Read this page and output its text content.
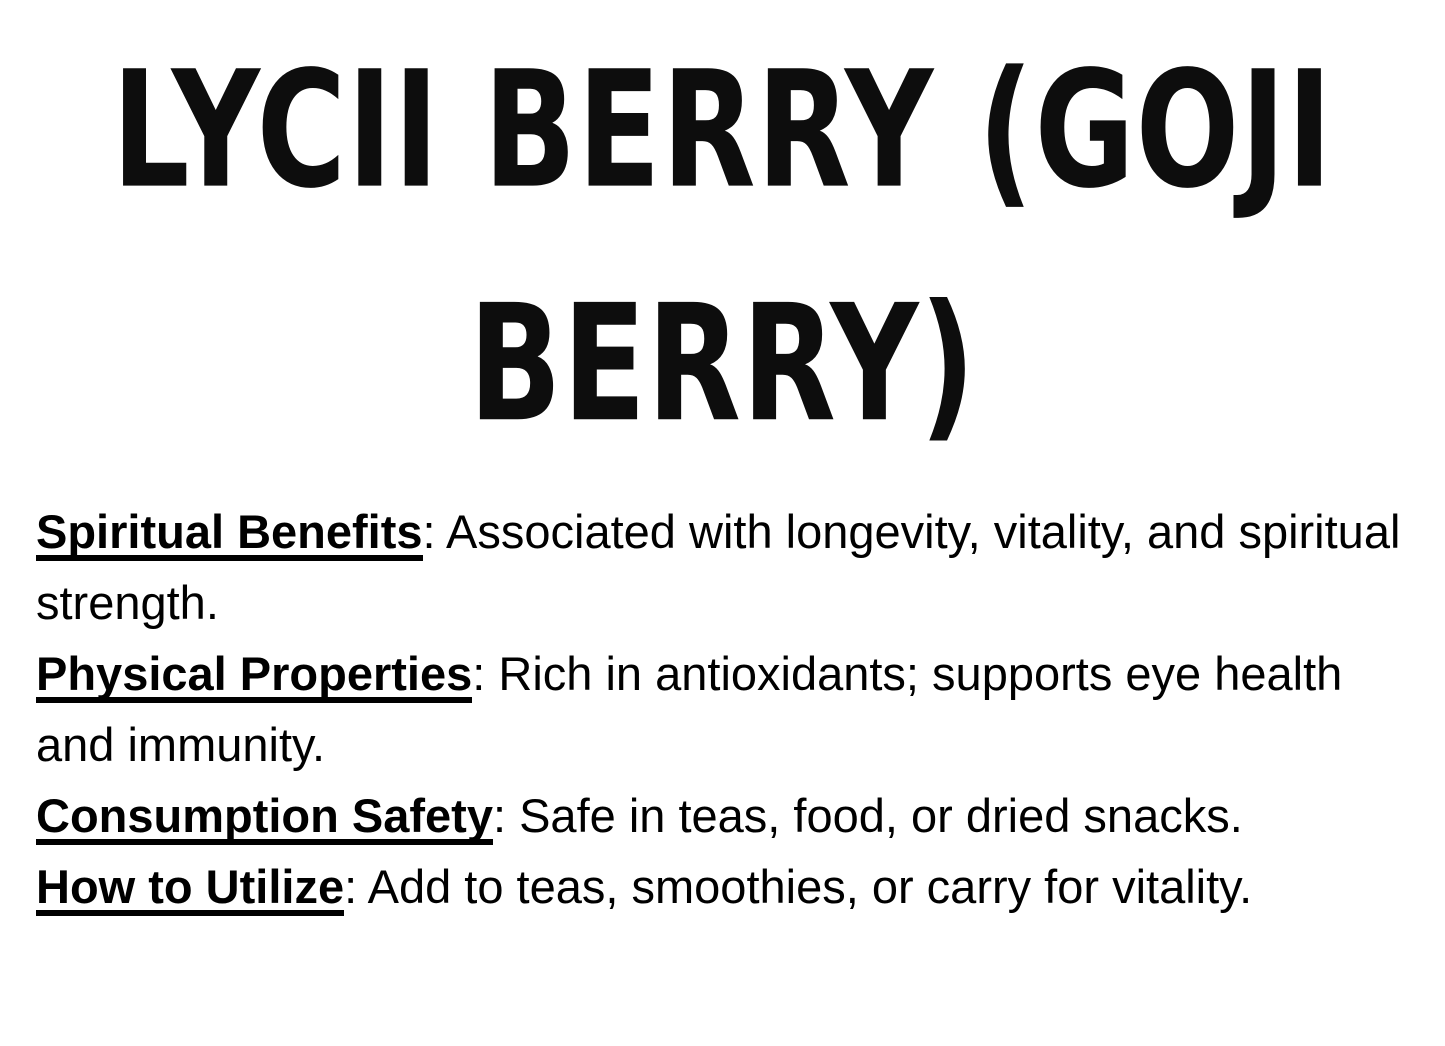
LYCII BERRY (GOJI
BERRY)

Spiritual Benefits: Associated with longevity, vitality, and spiritual strength.

Physical Properties: Rich in antioxidants; supports eye health and immunity.

Consumption Safety: Safe in teas, food, or dried snacks.

How to Utilize: Add to teas, smoothies, or carry for vitality.
